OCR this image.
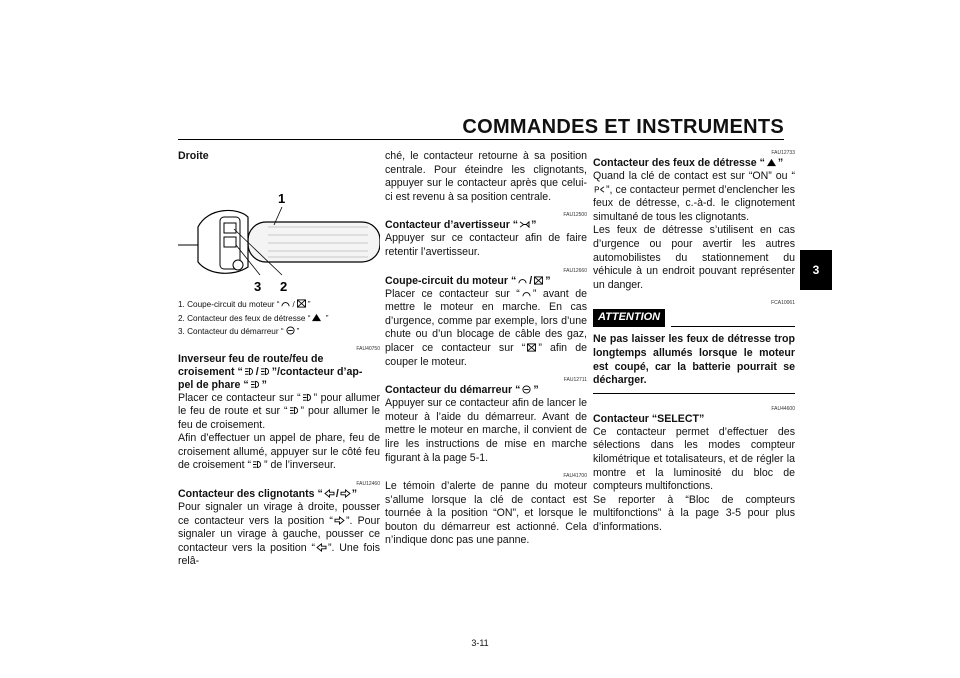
COMMANDES ET INSTRUMENTS
3
Droite
1
3 2
1. Coupe-circuit du moteur “ / ”
2. Contacteur des feux de détresse “ ”
3. Contacteur du démarreur “ ”
FAU40750
Inverseur feu de route/feu de
croisement “ / ”/contacteur d’ap-
pel de phare “ ”

Placer ce contacteur sur “ ” pour allumer le feu de route et sur “ ” pour allumer le feu de croisement.

Afin d’effectuer un appel de phare, feu de croisement allumé, appuyer sur le côté feu de croisement “ ” de l’inverseur.

FAU12460
Contacteur des clignotants “ / ”

Pour signaler un virage à droite, pousser ce contacteur vers la position “ ”. Pour signaler un virage à gauche, pousser ce contacteur vers la position “ ”. Une fois relâ-

ché, le contacteur retourne à sa position centrale. Pour éteindre les clignotants, appuyer sur le contacteur après que celui-ci est revenu à sa position centrale.

FAU12500
Contacteur d’avertisseur “ ”

Appuyer sur ce contacteur afin de faire retentir l’avertisseur.

FAU12660
Coupe-circuit du moteur “ / ”

Placer ce contacteur sur “ ” avant de mettre le moteur en marche. En cas d’urgence, comme par exemple, lors d’une chute ou d’un blocage de câble des gaz, placer ce contacteur sur “ ” afin de couper le moteur.

FAU12711
Contacteur du démarreur “ ”

Appuyer sur ce contacteur afin de lancer le moteur à l’aide du démarreur. Avant de mettre le moteur en marche, il convient de lire les instructions de mise en marche figurant à la page 5-1.

FAU41700

Le témoin d’alerte de panne du moteur s’allume lorsque la clé de contact est tournée à la position “ON”, et lorsque le bouton du démarreur est actionné. Cela n’indique donc pas une panne.

FAU12733
Contacteur des feux de détresse “ ”

Quand la clé de contact est sur “ON” ou “”, ce contacteur permet d’enclencher les feux de détresse, c.-à-d. le clignotement simultané de tous les clignotants.

Les feux de détresse s’utilisent en cas d’urgence ou pour avertir les autres automobilistes du stationnement du véhicule à un endroit pouvant représenter un danger.

FCA10061
ATTENTION
Ne pas laisser les feux de détresse trop longtemps allumés lorsque le moteur est coupé, car la batterie pourrait se décharger.
FAU44600
Contacteur “SELECT”

Ce contacteur permet d’effectuer des sélections dans les modes compteur kilométrique et totalisateurs, et de régler la montre et la luminosité du bloc de compteurs multifonctions.

Se reporter à “Bloc de compteurs multifonctions” à la page 3-5 pour plus d’informations.

3-11
